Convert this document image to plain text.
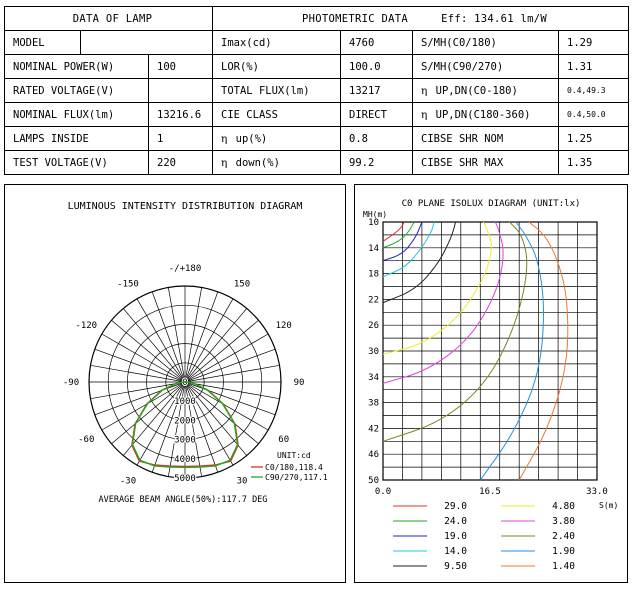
DATA OF LAMP			PHOTOMETRIC DATA Eff: 134.61 lm/W			
MODEL			Imax(cd)	4760	S/MH(C0/180)	1.29
NOMINAL POWER(W)		100	LOR(%)	100.0	S/MH(C90/270)	1.31
RATED VOLTAGE(V)			TOTAL FLUX(lm)	13217	η UP,DN(C0-180)	0.4,49.3
NOMINAL FLUX(lm)		13216.6	CIE CLASS	DIRECT	η UP,DN(C180-360)	0.4,50.0
LAMPS INSIDE		1	η up(%)	0.8	CIBSE SHR NOM	1.25
TEST VOLTAGE(V)		220	η down(%)	99.2	CIBSE SHR MAX	1.35
LUMINOUS INTENSITY DISTRIBUTION DIAGRAM
-/+180
-150	150
-120	120
-90	90
-60	60
-30	30
0
1000
2000
3000
4000
5000
UNIT:cd
C0/180,118.4
C90/270,117.1
AVERAGE BEAM ANGLE(50%):117.7 DEG
C0 PLANE ISOLUX DIAGRAM (UNIT:lx)
MH(m)
S(m)
10
14
18
22
26
30
34
38
42
46
50
0.0	16.5	33.0
29.0
24.0
19.0
14.0
9.50
4.80
3.80
2.40
1.90
1.40
